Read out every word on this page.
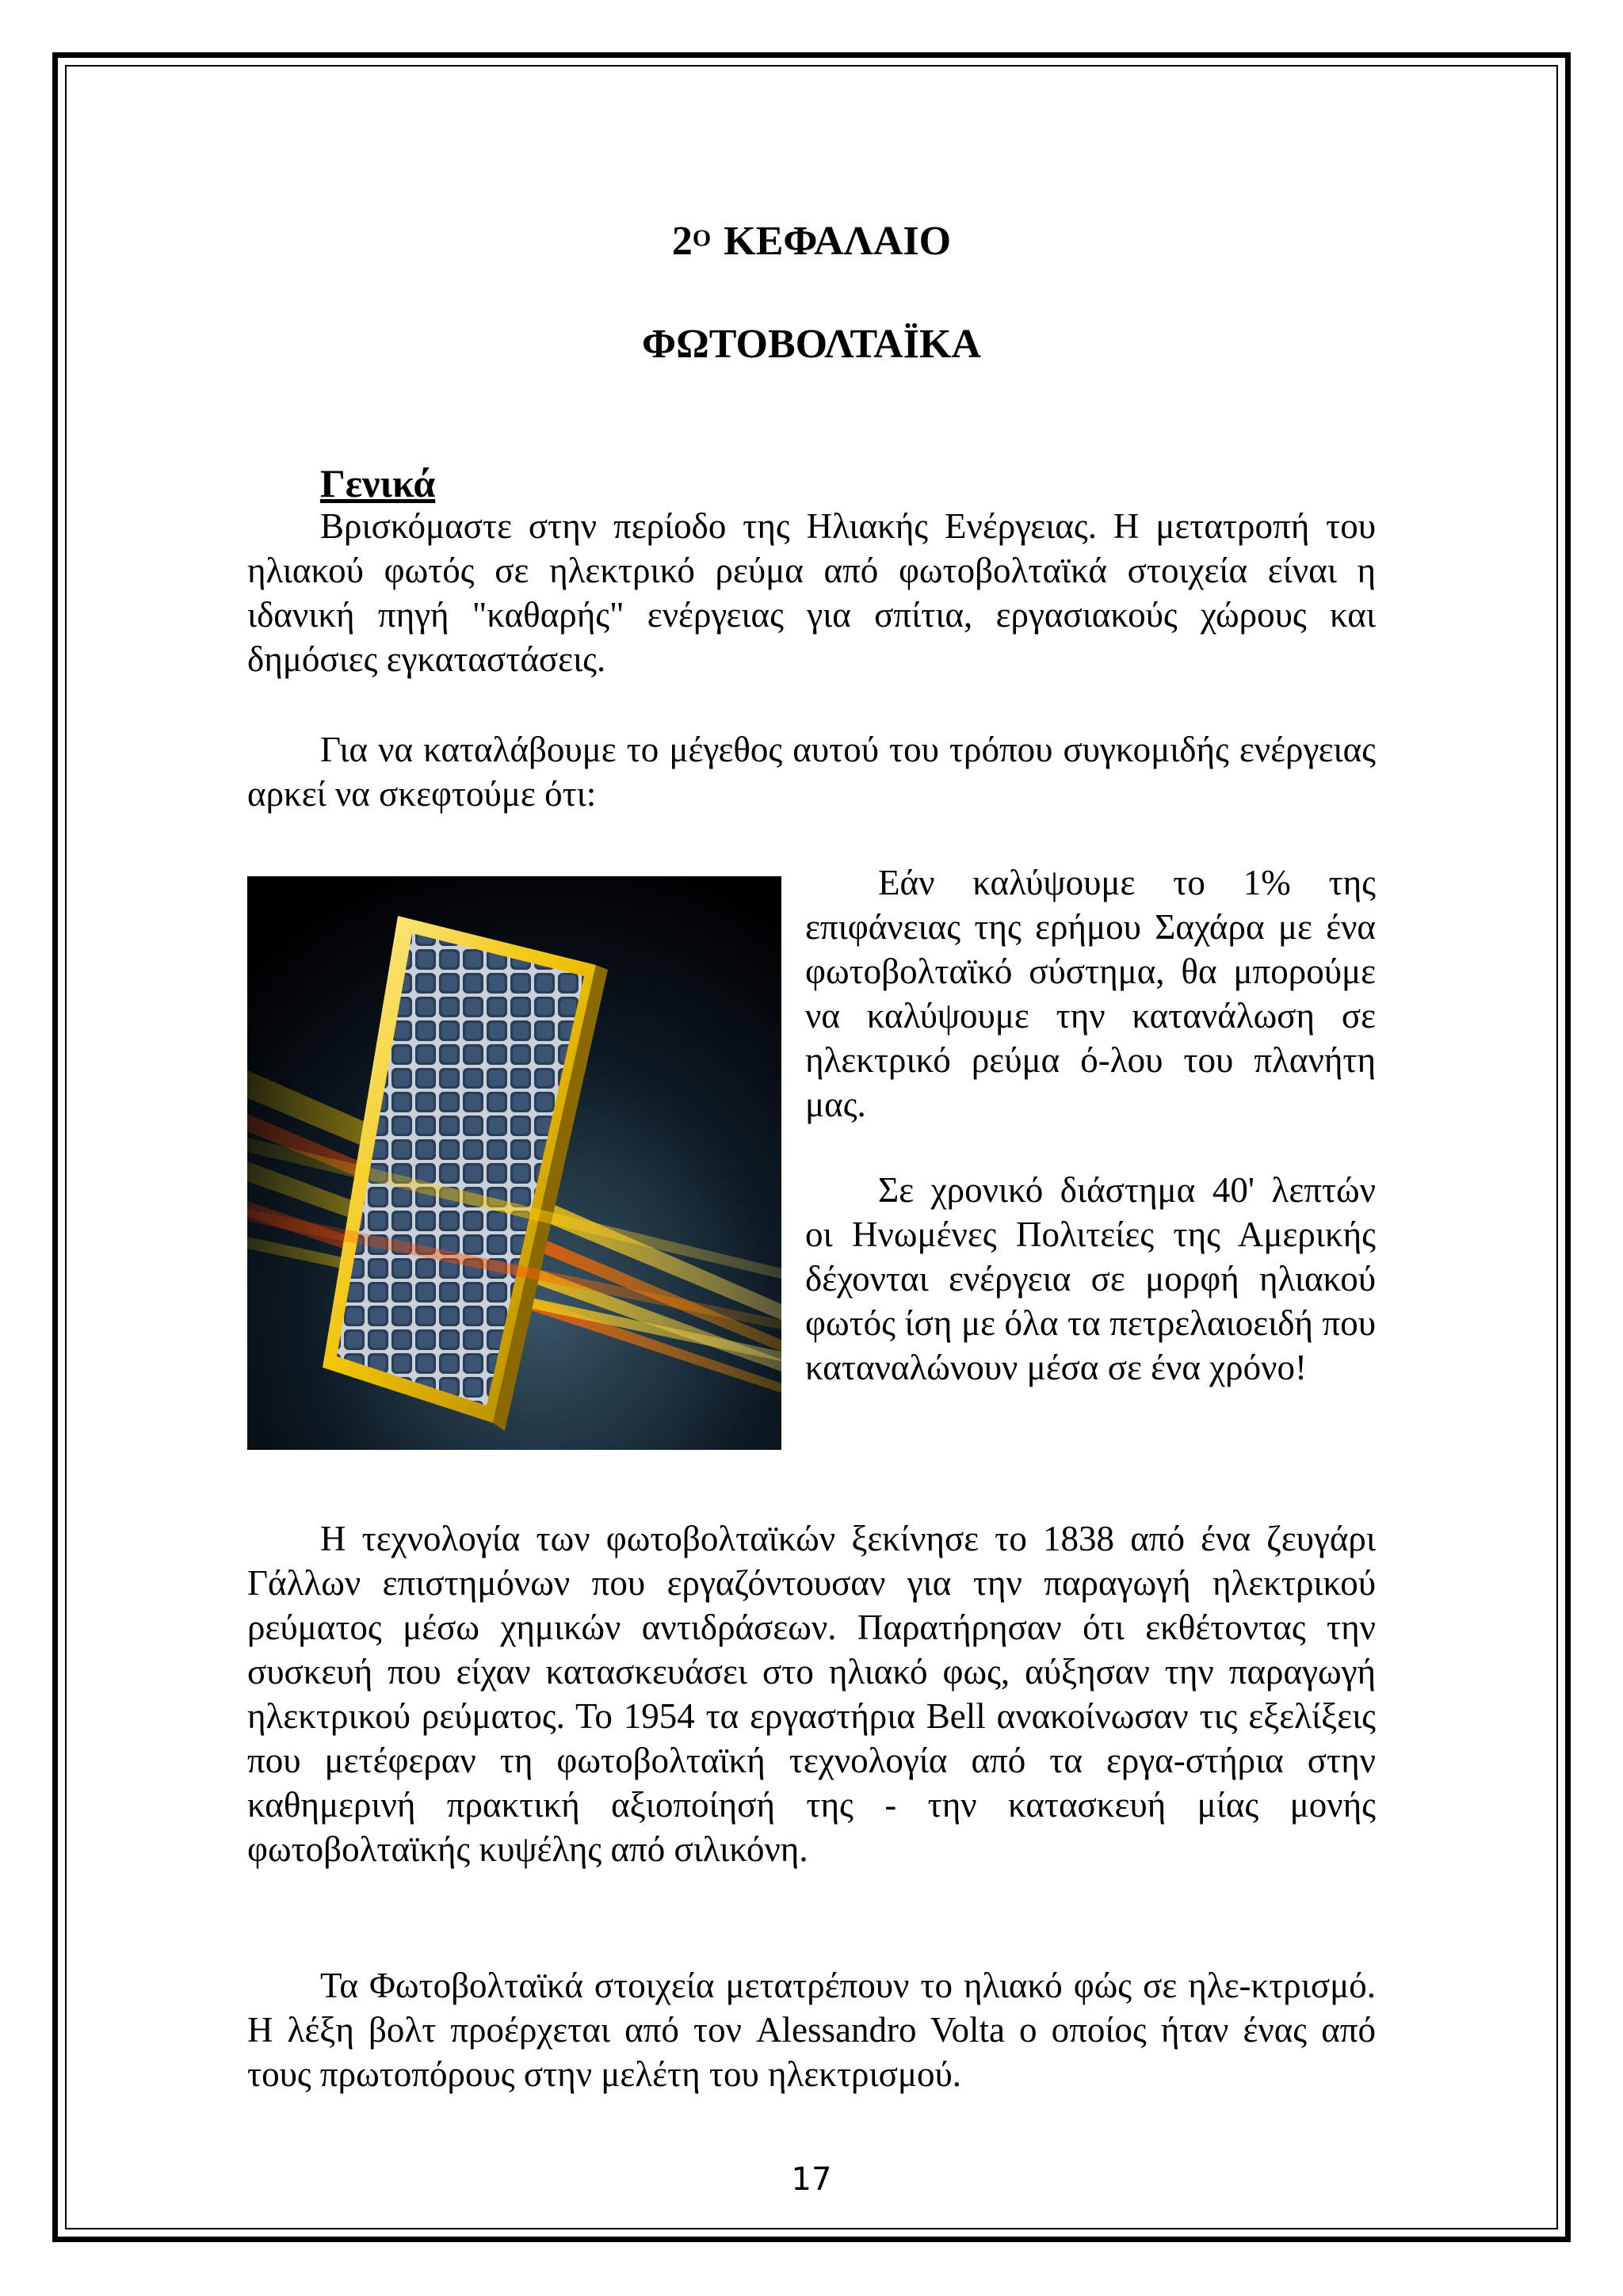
$2^O$ ΚΕΦΑΛΑΙΟ
ΦΩΤΟΒΟΛΤΑΪΚΑ
Γενικά

Βρισκόμαστε στην περίοδο της Ηλιακής Ενέργειας. Η μετατροπή του ηλιακού φωτός σε ηλεκτρικό ρεύμα από φωτοβολταϊκά στοιχεία είναι η ιδανική πηγή "καθαρής" ενέργειας για σπίτια, εργασιακούς χώρους και δημόσιες εγκαταστάσεις.

Για να καταλάβουμε το μέγεθος αυτού του τρόπου συγκομιδής ενέργειας αρκεί να σκεφτούμε ότι:

Εάν καλύψουμε το 1% της επιφάνειας της ερήμου Σαχάρα με ένα φωτοβολταϊκό σύστημα, θα μπορούμε να καλύψουμε την κατανάλωση σε ηλεκτρικό ρεύμα ό-λου του πλανήτη μας.

Σε χρονικό διάστημα 40' λεπτών οι Ηνωμένες Πολιτείες της Αμερικής δέχονται ενέργεια σε μορφή ηλιακού φωτός ίση με όλα τα πετρελαιοειδή που καταναλώνουν μέσα σε ένα χρόνο!

Η τεχνολογία των φωτοβολταϊκών ξεκίνησε το 1838 από ένα ζευγάρι Γάλλων επιστημόνων που εργαζόντουσαν για την παραγωγή ηλεκτρικού ρεύματος μέσω χημικών αντιδράσεων. Παρατήρησαν ότι εκθέτοντας την συσκευή που είχαν κατασκευάσει στο ηλιακό φως, αύξησαν την παραγωγή ηλεκτρικού ρεύματος. Το 1954 τα εργαστήρια Bell ανακοίνωσαν τις εξελίξεις που μετέφεραν τη φωτοβολταϊκή τεχνολογία από τα εργα-στήρια στην καθημερινή πρακτική αξιοποίησή της - την κατασκευή μίας μονής φωτοβολταϊκής κυψέλης από σιλικόνη.

Τα Φωτοβολταϊκά στοιχεία μετατρέπουν το ηλιακό φώς σε ηλε-κτρισμό. Η λέξη βολτ προέρχεται από τον Alessandro Volta ο οποίος ήταν ένας από τους πρωτοπόρους στην μελέτη του ηλεκτρισμού.

17
